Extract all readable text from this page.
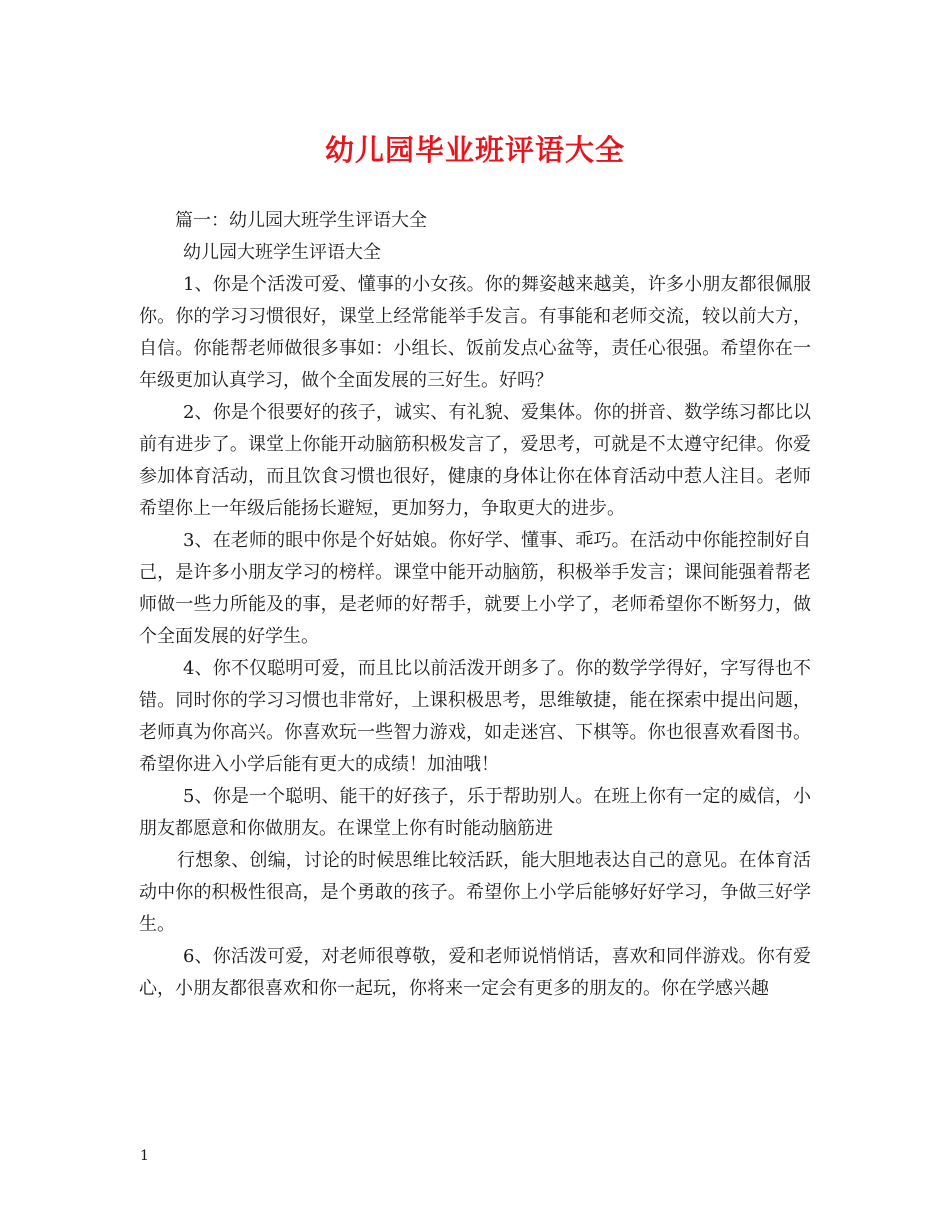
幼儿园毕业班评语大全

篇一：幼儿园大班学生评语大全

幼儿园大班学生评语大全

1、你是个活泼可爱、懂事的小女孩。你的舞姿越来越美，许多小朋友都很佩服你。你的学习习惯很好，课堂上经常能举手发言。有事能和老师交流，较以前大方，自信。你能帮老师做很多事如：小组长、饭前发点心盆等，责任心很强。希望你在一年级更加认真学习，做个全面发展的三好生。好吗？

2、你是个很要好的孩子，诚实、有礼貌、爱集体。你的拼音、数学练习都比以前有进步了。课堂上你能开动脑筋积极发言了，爱思考，可就是不太遵守纪律。你爱参加体育活动，而且饮食习惯也很好，健康的身体让你在体育活动中惹人注目。老师希望你上一年级后能扬长避短，更加努力，争取更大的进步。

3、在老师的眼中你是个好姑娘。你好学、懂事、乖巧。在活动中你能控制好自己，是许多小朋友学习的榜样。课堂中能开动脑筋，积极举手发言；课间能强着帮老师做一些力所能及的事，是老师的好帮手，就要上小学了，老师希望你不断努力，做个全面发展的好学生。

4、你不仅聪明可爱，而且比以前活泼开朗多了。你的数学学得好，字写得也不错。同时你的学习习惯也非常好，上课积极思考，思维敏捷，能在探索中提出问题，老师真为你高兴。你喜欢玩一些智力游戏，如走迷宫、下棋等。你也很喜欢看图书。希望你进入小学后能有更大的成绩！加油哦！

5、你是一个聪明、能干的好孩子，乐于帮助别人。在班上你有一定的威信，小朋友都愿意和你做朋友。在课堂上你有时能动脑筋进

行想象、创编，讨论的时候思维比较活跃，能大胆地表达自己的意见。在体育活动中你的积极性很高，是个勇敢的孩子。希望你上小学后能够好好学习，争做三好学生。

6、你活泼可爱，对老师很尊敬，爱和老师说悄悄话，喜欢和同伴游戏。你有爱心，小朋友都很喜欢和你一起玩，你将来一定会有更多的朋友的。你在学感兴趣

1
